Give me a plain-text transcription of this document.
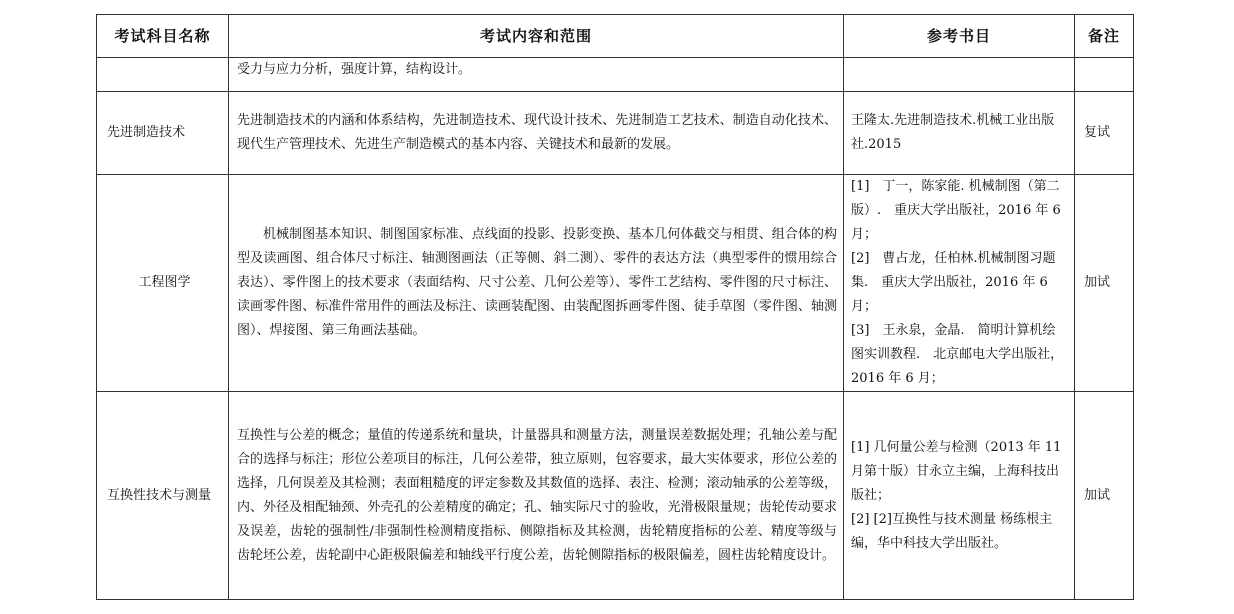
考试科目名称	考试内容和范围	参考书目	备注

	受力与应力分析，强度计算，结构设计。		

先进制造技术	先进制造技术的内涵和体系结构，先进制造技术、现代设计技术、先进制造工艺技术、制造自动化技术、现代生产管理技术、先进生产制造模式的基本内容、关键技术和最新的发展。	王隆太.先进制造技术.机械工业出版社.2015	复试
工程图学	机械制图基本知识、制图国家标准、点线面的投影、投影变换、基本几何体截交与相贯、组合体的构型及读画图、组合体尺寸标注、轴测图画法（正等侧、斜二测）、零件的表达方法（典型零件的惯用综合表达）、零件图上的技术要求（表面结构、尺寸公差、几何公差等）、零件工艺结构、零件图的尺寸标注、读画零件图、标准件常用件的画法及标注、读画装配图、由装配图拆画零件图、徒手草图（零件图、轴测图）、焊接图、第三角画法基础。	[1]　丁一，陈家能. 机械制图（第二版）.　重庆大学出版社，2016 年 6 月；

[2]　曹占龙，任柏林.机械制图习题集.　重庆大学出版社，2016 年 6 月；

[3]　王永泉，金晶.　简明计算机绘图实训教程.　北京邮电大学出版社，2016 年 6 月；	加试
互换性技术与测量	互换性与公差的概念；量值的传递系统和量块，计量器具和测量方法，测量误差数据处理；孔轴公差与配合的选择与标注；形位公差项目的标注，几何公差带，独立原则，包容要求，最大实体要求，形位公差的选择，几何误差及其检测；表面粗糙度的评定参数及其数值的选择、表注、检测；滚动轴承的公差等级，内、外径及相配轴颈、外壳孔的公差精度的确定；孔、轴实际尺寸的验收，光滑极限量规；齿轮传动要求及误差，齿轮的强制性/非强制性检测精度指标、侧隙指标及其检测，齿轮精度指标的公差、精度等级与齿轮坯公差，齿轮副中心距极限偏差和轴线平行度公差，齿轮侧隙指标的极限偏差，圆柱齿轮精度设计。	[1] 几何量公差与检测（2013 年 11 月第十版）甘永立主编，上海科技出版社；

[2] [2]互换性与技术测量 杨练根主编，华中科技大学出版社。	加试
